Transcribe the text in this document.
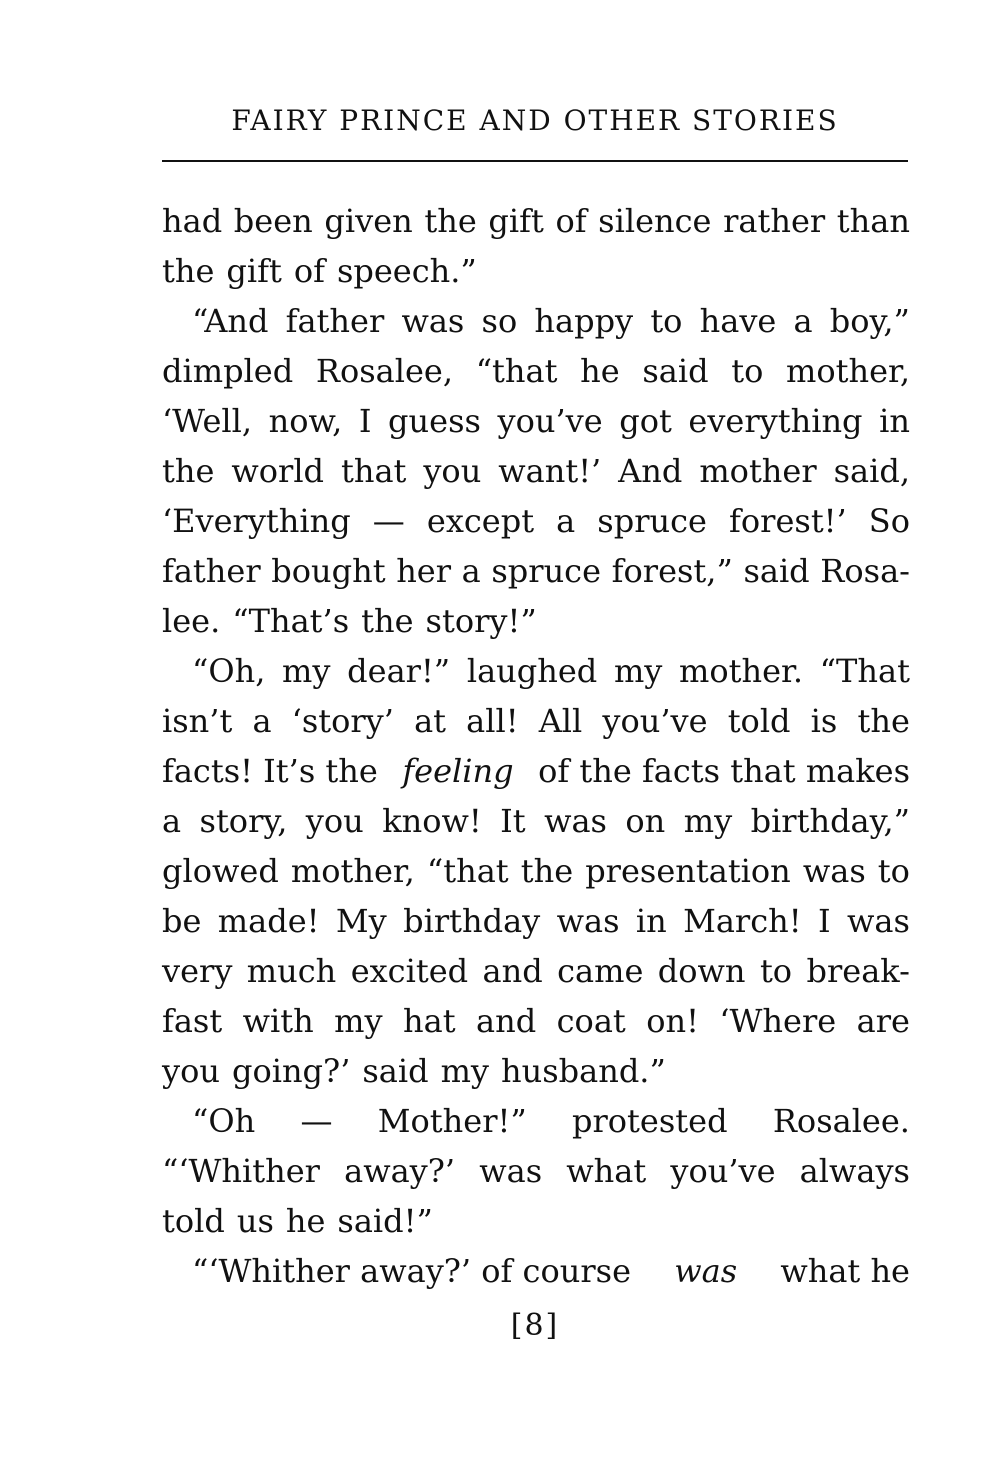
FAIRY PRINCE AND OTHER STORIES
had been given the gift of silence rather than
the gift of speech.”
“And father was so happy to have a boy,”
dimpled Rosalee, “that he said to mother,
‘Well, now, I guess you’ve got everything in
the world that you want!’ And mother said,
‘Everything — except a spruce forest!’ So
father bought her a spruce forest,” said Rosa-
lee. “That’s the story!”
“Oh, my dear!” laughed my mother. “That
isn’t a ‘story’ at all! All you’ve told is the
facts! It’s the feeling of the facts that makes
a story, you know! It was on my birthday,”
glowed mother, “that the presentation was to
be made! My birthday was in March! I was
very much excited and came down to break-
fast with my hat and coat on! ‘Where are
you going?’ said my husband.”
“Oh — Mother!” protested Rosalee.
“‘Whither away?’ was what you’ve always
told us he said!”
“‘Whither away?’ of course was what he
[8]
